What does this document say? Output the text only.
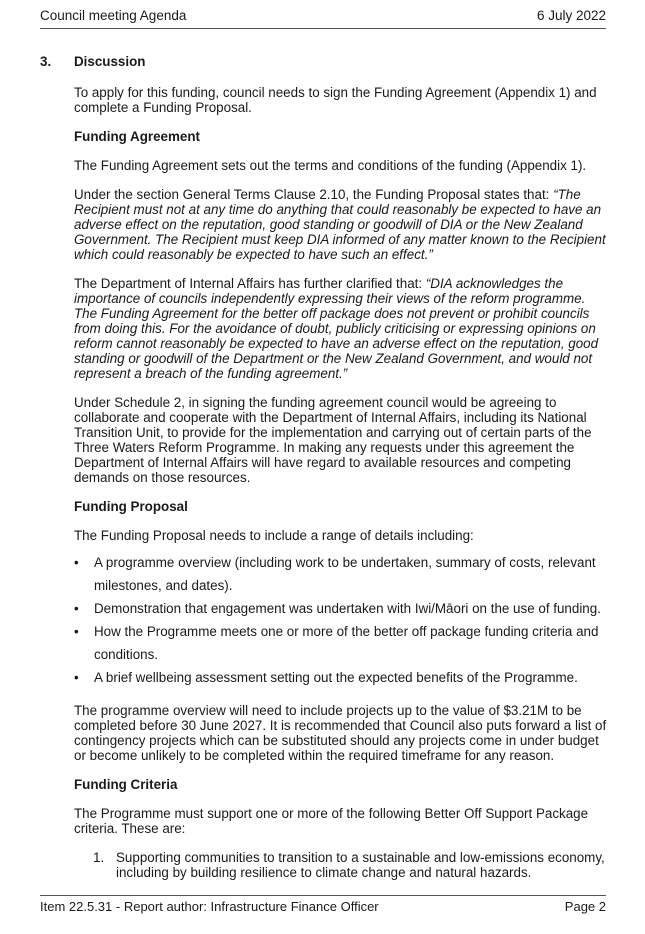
Council meeting Agenda	6 July 2022
3. Discussion

To apply for this funding, council needs to sign the Funding Agreement (Appendix 1) and complete a Funding Proposal.

Funding Agreement

The Funding Agreement sets out the terms and conditions of the funding (Appendix 1).

Under the section General Terms Clause 2.10, the Funding Proposal states that: “The Recipient must not at any time do anything that could reasonably be expected to have an adverse effect on the reputation, good standing or goodwill of DIA or the New Zealand Government. The Recipient must keep DIA informed of any matter known to the Recipient which could reasonably be expected to have such an effect.”

The Department of Internal Affairs has further clarified that: “DIA acknowledges the importance of councils independently expressing their views of the reform programme. The Funding Agreement for the better off package does not prevent or prohibit councils from doing this. For the avoidance of doubt, publicly criticising or expressing opinions on reform cannot reasonably be expected to have an adverse effect on the reputation, good standing or goodwill of the Department or the New Zealand Government, and would not represent a breach of the funding agreement.”

Under Schedule 2, in signing the funding agreement council would be agreeing to collaborate and cooperate with the Department of Internal Affairs, including its National Transition Unit, to provide for the implementation and carrying out of certain parts of the Three Waters Reform Programme. In making any requests under this agreement the Department of Internal Affairs will have regard to available resources and competing demands on those resources.

Funding Proposal

The Funding Proposal needs to include a range of details including:

• A programme overview (including work to be undertaken, summary of costs, relevant milestones, and dates).
• Demonstration that engagement was undertaken with Iwi/Māori on the use of funding.
• How the Programme meets one or more of the better off package funding criteria and conditions.
• A brief wellbeing assessment setting out the expected benefits of the Programme.

The programme overview will need to include projects up to the value of $3.21M to be completed before 30 June 2027. It is recommended that Council also puts forward a list of contingency projects which can be substituted should any projects come in under budget or become unlikely to be completed within the required timeframe for any reason.

Funding Criteria

The Programme must support one or more of the following Better Off Support Package criteria. These are:

1. Supporting communities to transition to a sustainable and low-emissions economy, including by building resilience to climate change and natural hazards.
Item 22.5.31 - Report author: Infrastructure Finance Officer	Page 2
